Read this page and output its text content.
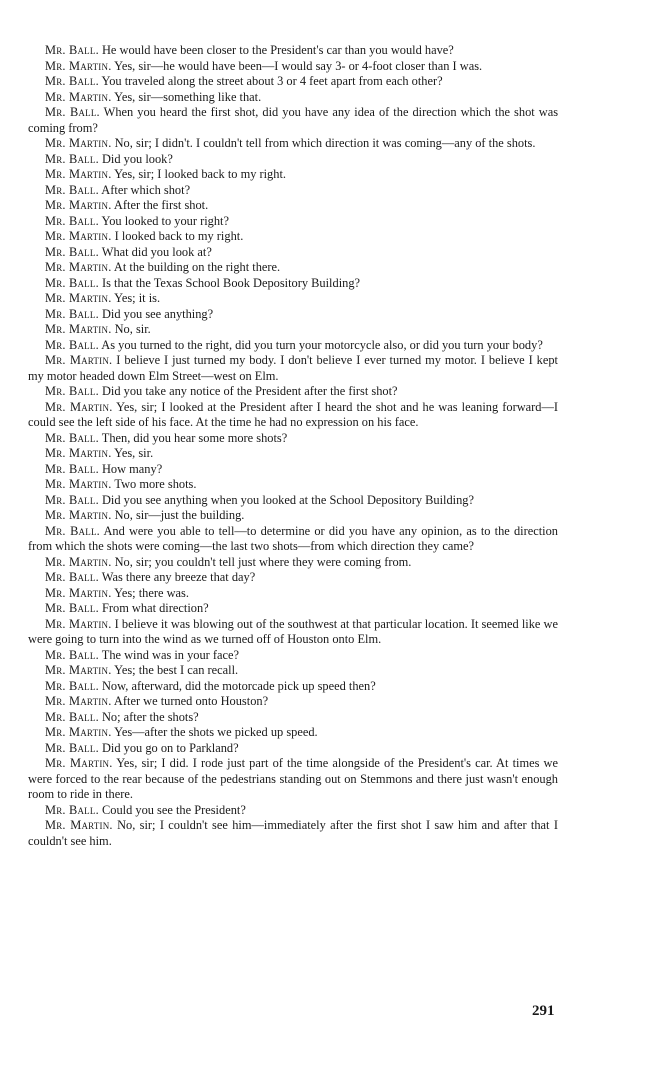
Mr. Ball. He would have been closer to the President's car than you would have?

Mr. Martin. Yes, sir—he would have been—I would say 3- or 4-foot closer than I was.

Mr. Ball. You traveled along the street about 3 or 4 feet apart from each other?

Mr. Martin. Yes, sir—something like that.

Mr. Ball. When you heard the first shot, did you have any idea of the direction which the shot was coming from?

Mr. Martin. No, sir; I didn't. I couldn't tell from which direction it was coming—any of the shots.

Mr. Ball. Did you look?

Mr. Martin. Yes, sir; I looked back to my right.

Mr. Ball. After which shot?

Mr. Martin. After the first shot.

Mr. Ball. You looked to your right?

Mr. Martin. I looked back to my right.

Mr. Ball. What did you look at?

Mr. Martin. At the building on the right there.

Mr. Ball. Is that the Texas School Book Depository Building?

Mr. Martin. Yes; it is.

Mr. Ball. Did you see anything?

Mr. Martin. No, sir.

Mr. Ball. As you turned to the right, did you turn your motorcycle also, or did you turn your body?

Mr. Martin. I believe I just turned my body. I don't believe I ever turned my motor. I believe I kept my motor headed down Elm Street—west on Elm.

Mr. Ball. Did you take any notice of the President after the first shot?

Mr. Martin. Yes, sir; I looked at the President after I heard the shot and he was leaning forward—I could see the left side of his face. At the time he had no expression on his face.

Mr. Ball. Then, did you hear some more shots?

Mr. Martin. Yes, sir.

Mr. Ball. How many?

Mr. Martin. Two more shots.

Mr. Ball. Did you see anything when you looked at the School Depository Building?

Mr. Martin. No, sir—just the building.

Mr. Ball. And were you able to tell—to determine or did you have any opinion, as to the direction from which the shots were coming—the last two shots—from which direction they came?

Mr. Martin. No, sir; you couldn't tell just where they were coming from.

Mr. Ball. Was there any breeze that day?

Mr. Martin. Yes; there was.

Mr. Ball. From what direction?

Mr. Martin. I believe it was blowing out of the southwest at that particular location. It seemed like we were going to turn into the wind as we turned off of Houston onto Elm.

Mr. Ball. The wind was in your face?

Mr. Martin. Yes; the best I can recall.

Mr. Ball. Now, afterward, did the motorcade pick up speed then?

Mr. Martin. After we turned onto Houston?

Mr. Ball. No; after the shots?

Mr. Martin. Yes—after the shots we picked up speed.

Mr. Ball. Did you go on to Parkland?

Mr. Martin. Yes, sir; I did. I rode just part of the time alongside of the President's car. At times we were forced to the rear because of the pedestrians standing out on Stemmons and there just wasn't enough room to ride in there.

Mr. Ball. Could you see the President?

Mr. Martin. No, sir; I couldn't see him—immediately after the first shot I saw him and after that I couldn't see him.

291
